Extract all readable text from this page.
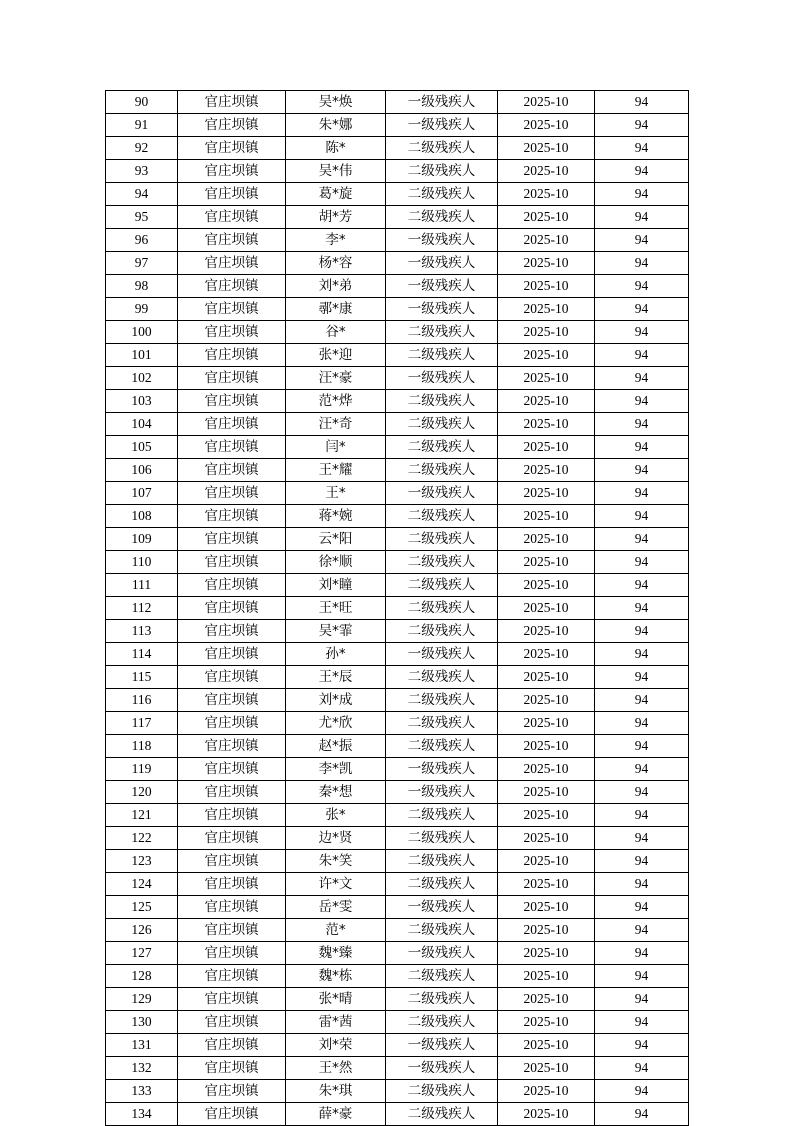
90	官庄坝镇	吴*焕	一级残疾人	2025-10	94
91	官庄坝镇	朱*娜	一级残疾人	2025-10	94
92	官庄坝镇	陈*	二级残疾人	2025-10	94
93	官庄坝镇	吴*伟	二级残疾人	2025-10	94
94	官庄坝镇	葛*旋	二级残疾人	2025-10	94
95	官庄坝镇	胡*芳	二级残疾人	2025-10	94
96	官庄坝镇	李*	一级残疾人	2025-10	94
97	官庄坝镇	杨*容	一级残疾人	2025-10	94
98	官庄坝镇	刘*弟	一级残疾人	2025-10	94
99	官庄坝镇	鄩*康	一级残疾人	2025-10	94
100	官庄坝镇	谷*	二级残疾人	2025-10	94
101	官庄坝镇	张*迎	二级残疾人	2025-10	94
102	官庄坝镇	汪*豪	一级残疾人	2025-10	94
103	官庄坝镇	范*烨	二级残疾人	2025-10	94
104	官庄坝镇	汪*奇	二级残疾人	2025-10	94
105	官庄坝镇	闫*	二级残疾人	2025-10	94
106	官庄坝镇	王*耀	二级残疾人	2025-10	94
107	官庄坝镇	王*	一级残疾人	2025-10	94
108	官庄坝镇	蒋*婉	二级残疾人	2025-10	94
109	官庄坝镇	云*阳	二级残疾人	2025-10	94
110	官庄坝镇	徐*顺	二级残疾人	2025-10	94
111	官庄坝镇	刘*瞳	二级残疾人	2025-10	94
112	官庄坝镇	王*旺	二级残疾人	2025-10	94
113	官庄坝镇	吴*霏	二级残疾人	2025-10	94
114	官庄坝镇	孙*	一级残疾人	2025-10	94
115	官庄坝镇	王*辰	二级残疾人	2025-10	94
116	官庄坝镇	刘*成	二级残疾人	2025-10	94
117	官庄坝镇	尤*欣	二级残疾人	2025-10	94
118	官庄坝镇	赵*振	二级残疾人	2025-10	94
119	官庄坝镇	李*凯	一级残疾人	2025-10	94
120	官庄坝镇	秦*想	一级残疾人	2025-10	94
121	官庄坝镇	张*	二级残疾人	2025-10	94
122	官庄坝镇	边*贤	二级残疾人	2025-10	94
123	官庄坝镇	朱*笑	二级残疾人	2025-10	94
124	官庄坝镇	许*文	二级残疾人	2025-10	94
125	官庄坝镇	岳*雯	一级残疾人	2025-10	94
126	官庄坝镇	范*	二级残疾人	2025-10	94
127	官庄坝镇	魏*臻	一级残疾人	2025-10	94
128	官庄坝镇	魏*栋	二级残疾人	2025-10	94
129	官庄坝镇	张*晴	二级残疾人	2025-10	94
130	官庄坝镇	雷*茜	二级残疾人	2025-10	94
131	官庄坝镇	刘*荣	一级残疾人	2025-10	94
132	官庄坝镇	王*然	一级残疾人	2025-10	94
133	官庄坝镇	朱*琪	二级残疾人	2025-10	94
134	官庄坝镇	薛*豪	二级残疾人	2025-10	94
